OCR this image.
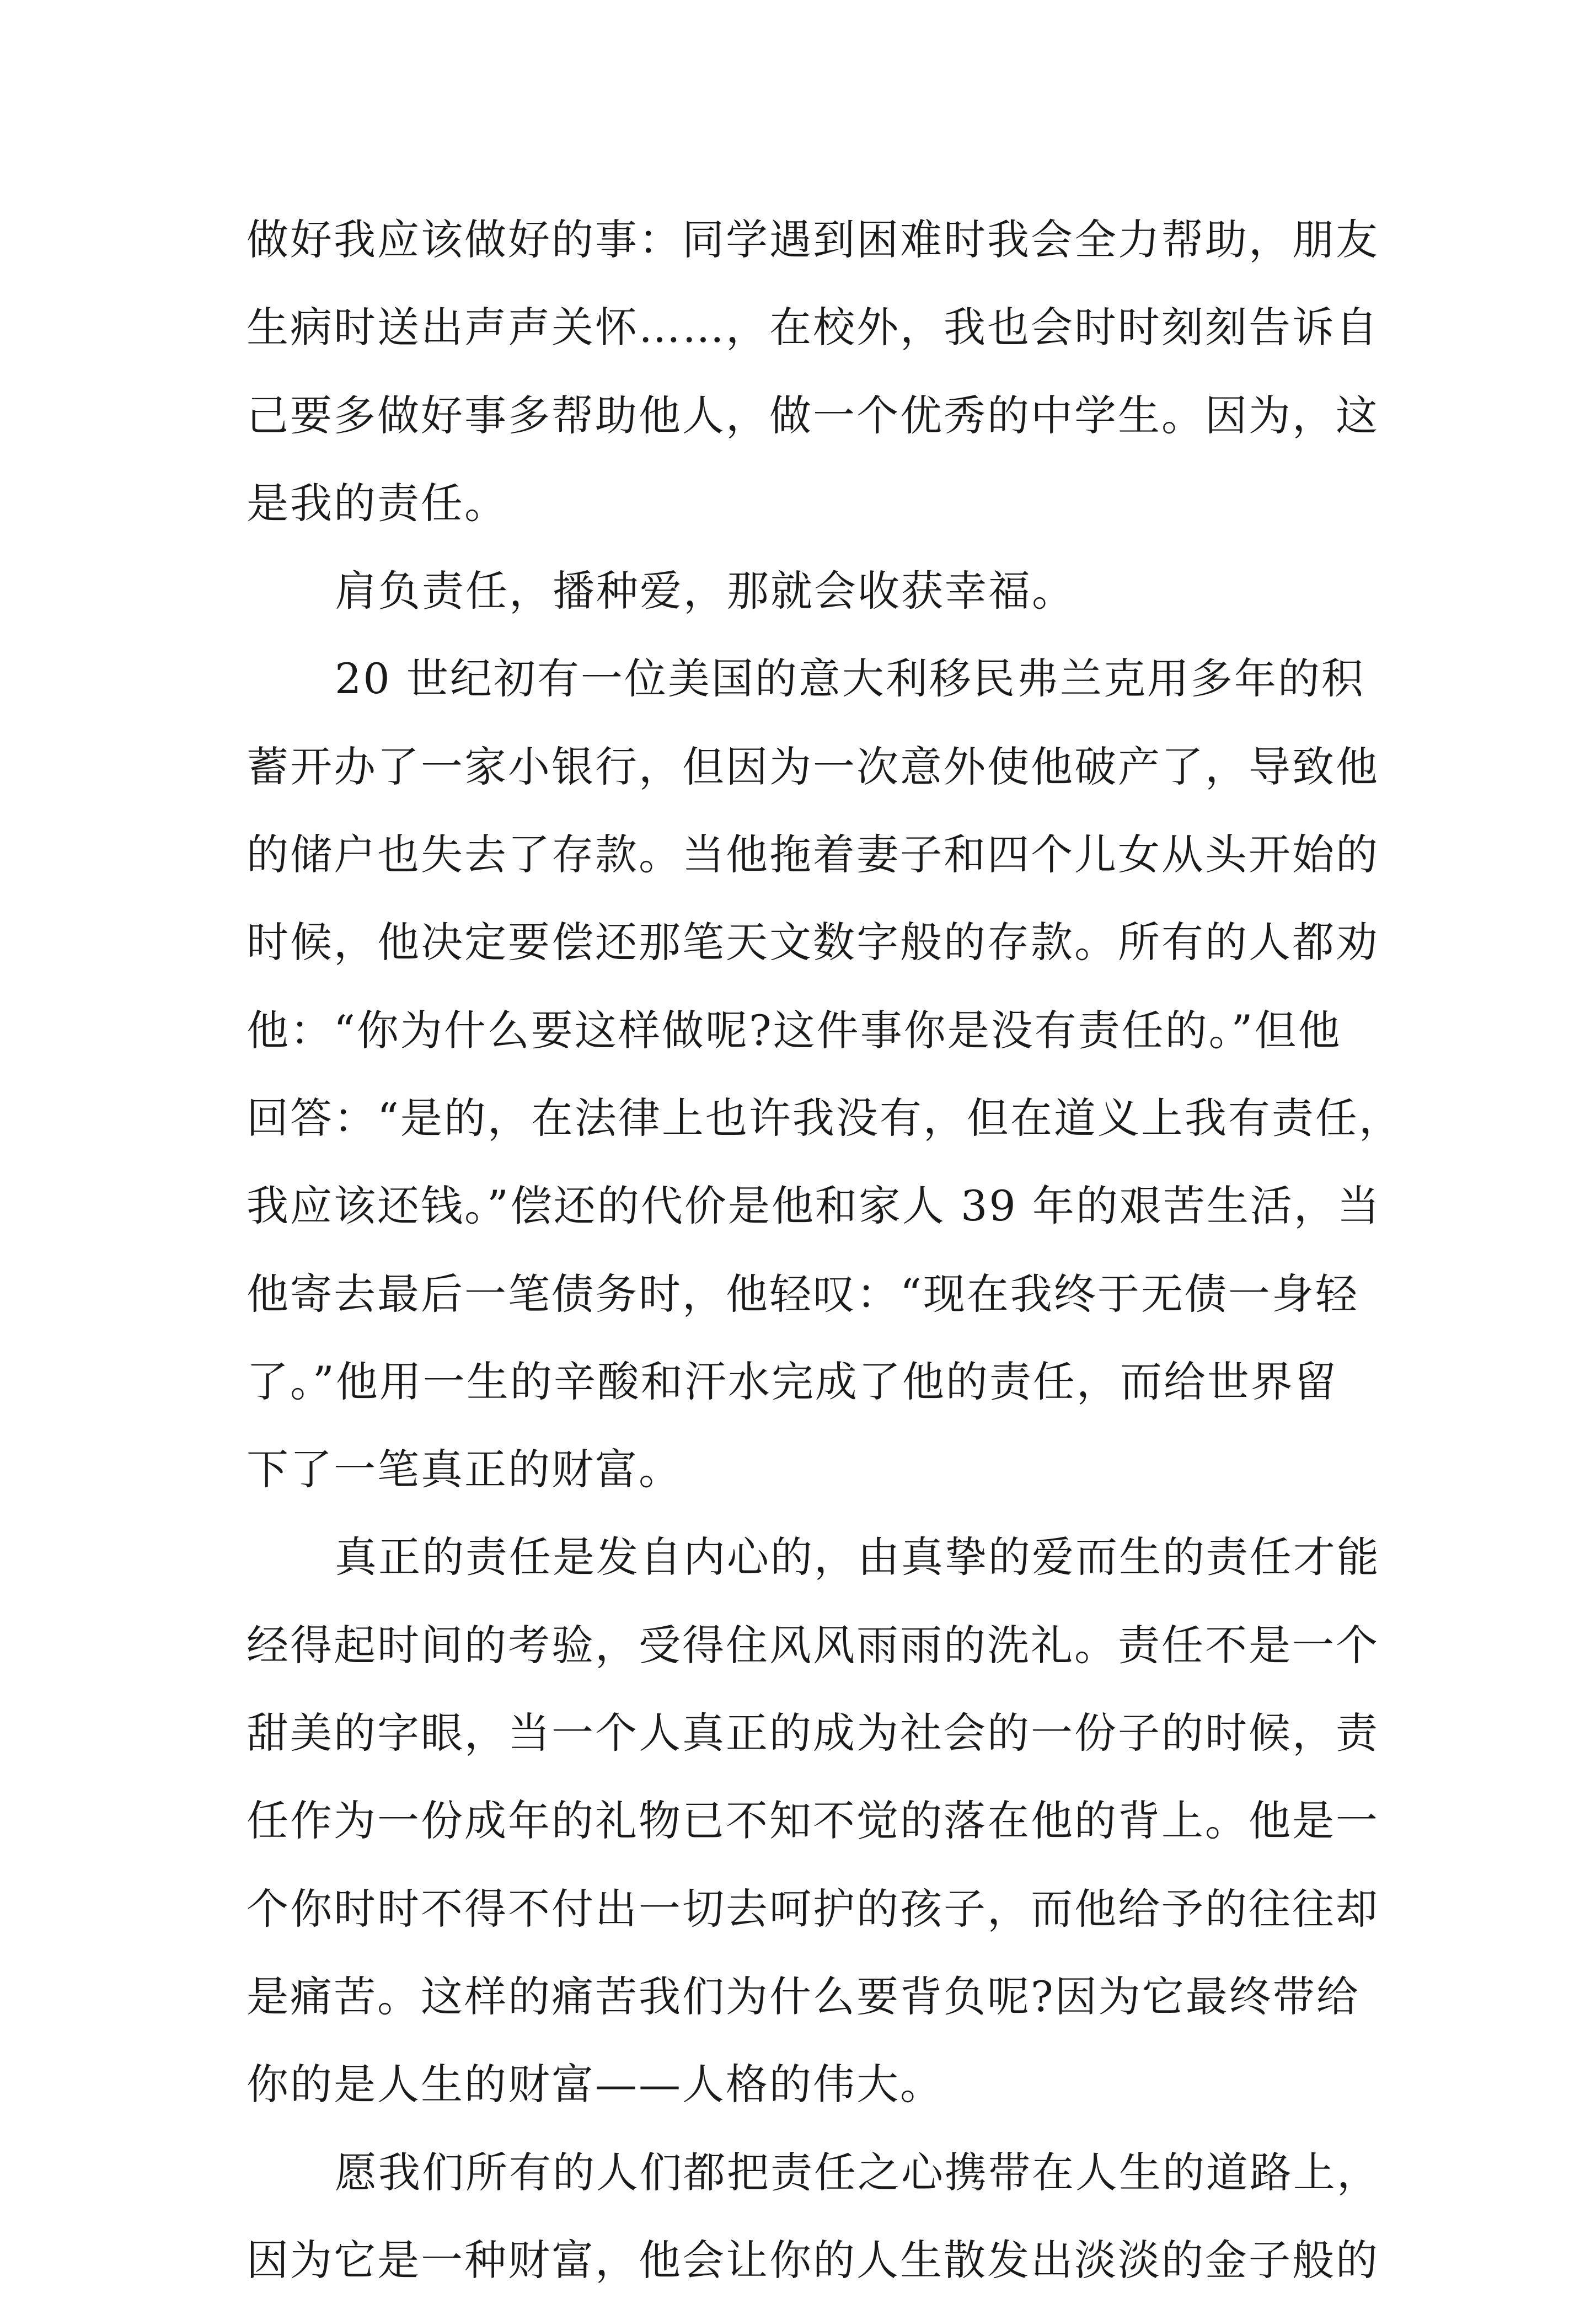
做好我应该做好的事：同学遇到困难时我会全力帮助，朋友
生病时送出声声关怀……，在校外，我也会时时刻刻告诉自
己要多做好事多帮助他人，做一个优秀的中学生。因为，这
是我的责任。

肩负责任，播种爱，那就会收获幸福。

20 世纪初有一位美国的意大利移民弗兰克用多年的积
蓄开办了一家小银行，但因为一次意外使他破产了，导致他
的储户也失去了存款。当他拖着妻子和四个儿女从头开始的
时候，他决定要偿还那笔天文数字般的存款。所有的人都劝
他：“你为什么要这样做呢?这件事你是没有责任的。”但他
回答：“是的，在法律上也许我没有，但在道义上我有责任，
我应该还钱。”偿还的代价是他和家人 39 年的艰苦生活，当
他寄去最后一笔债务时，他轻叹：“现在我终于无债一身轻
了。”他用一生的辛酸和汗水完成了他的责任，而给世界留
下了一笔真正的财富。

真正的责任是发自内心的，由真挚的爱而生的责任才能
经得起时间的考验，受得住风风雨雨的洗礼。责任不是一个
甜美的字眼，当一个人真正的成为社会的一份子的时候，责
任作为一份成年的礼物已不知不觉的落在他的背上。他是一
个你时时不得不付出一切去呵护的孩子，而他给予的往往却
是痛苦。这样的痛苦我们为什么要背负呢?因为它最终带给
你的是人生的财富——人格的伟大。

愿我们所有的人们都把责任之心携带在人生的道路上，
因为它是一种财富，他会让你的人生散发出淡淡的金子般的
